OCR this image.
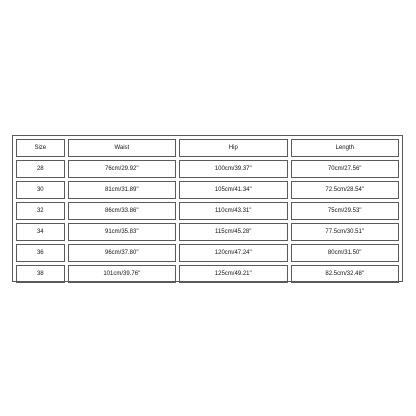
Size	Waist	Hip	Length
28	76cm/29.92''	100cm/39.37''	70cm/27.56''
30	81cm/31.89''	105cm/41.34''	72.5cm/28.54''
32	86cm/33.86''	110cm/43.31''	75cm/29.53''
34	91cm/35.83''	115cm/45.28''	77.5cm/30.51''
36	96cm/37.80''	120cm/47.24''	80cm/31.50''
38	101cm/39.76''	125cm/49.21''	82.5cm/32.48''
